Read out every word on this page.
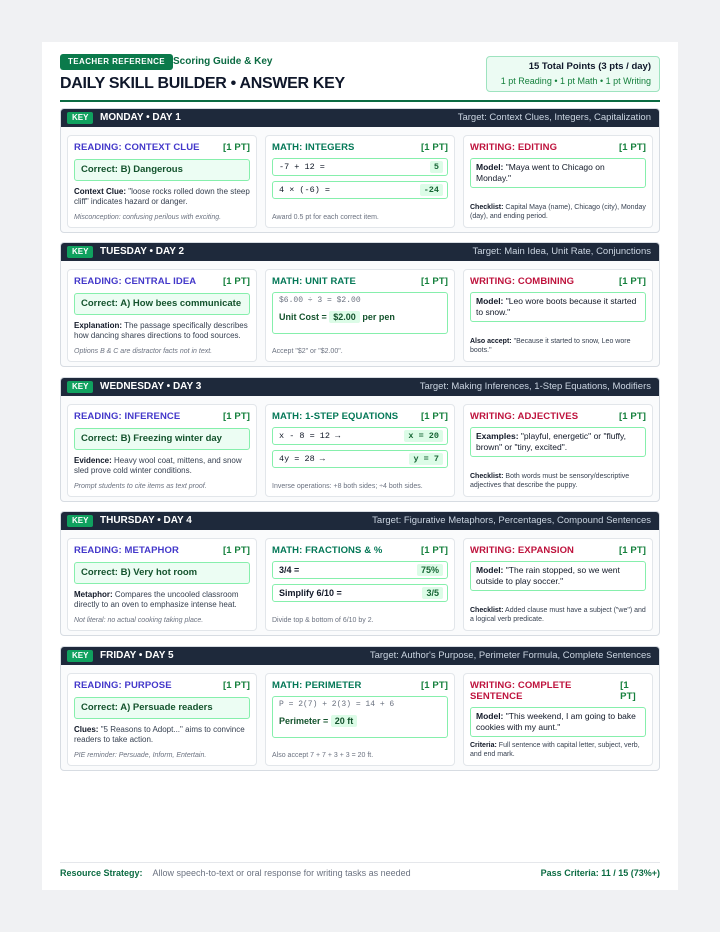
TEACHER REFERENCE Scoring Guide & Key
DAILY SKILL BUILDER • ANSWER KEY
15 Total Points (3 pts / day)
1 pt Reading • 1 pt Math • 1 pt Writing
KEY	MONDAY • DAY 1	Target: Context Clues, Integers, Capitalization
READING: CONTEXT CLUE [1 PT]
Correct: B) Dangerous
Context Clue: "loose rocks rolled down the steep cliff" indicates hazard or danger.
Misconception: confusing perilous with exciting.
MATH: INTEGERS	[1 PT]
-7 + 12 =	5
4 × (-6) =	-24
Award 0.5 pt for each correct item.
WRITING: EDITING	[1 PT]
Model: "Maya went to Chicago on Monday."
Checklist: Capital Maya (name), Chicago (city), Monday (day), and ending period.
KEY	TUESDAY • DAY 2	Target: Main Idea, Unit Rate, Conjunctions
READING: CENTRAL IDEA	[1 PT]
Correct: A) How bees communicate
Explanation: The passage specifically describes how dancing shares directions to food sources.
Options B & C are distractor facts not in text.
MATH: UNIT RATE	[1 PT]
$6.00 ÷ 3 = $2.00
Unit Cost = $2.00 per pen
Accept "$2" or "$2.00".
WRITING: COMBINING	[1 PT]
Model: "Leo wore boots because it started to snow."
Also accept: "Because it started to snow, Leo wore boots."
KEY	WEDNESDAY • DAY 3	Target: Making Inferences, 1-Step Equations, Modifiers
READING: INFERENCE	[1 PT]
Correct: B) Freezing winter day
Evidence: Heavy wool coat, mittens, and snow sled prove cold winter conditions.
Prompt students to cite items as text proof.
MATH: 1-STEP EQUATIONS [1 PT]
x - 8 = 12 →	x = 20
4y = 28 →	y = 7
Inverse operations: +8 both sides; ÷4 both sides.
WRITING: ADJECTIVES	[1 PT]
Examples: "playful, energetic" or "fluffy, brown" or "tiny, excited".
Checklist: Both words must be sensory/descriptive adjectives that describe the puppy.
KEY	THURSDAY • DAY 4	Target: Figurative Metaphors, Percentages, Compound Sentences
READING: METAPHOR	[1 PT]
Correct: B) Very hot room
Metaphor: Compares the uncooled classroom directly to an oven to emphasize intense heat.
Not literal: no actual cooking taking place.
MATH: FRACTIONS & %	[1 PT]
3/4 =	75%
Simplify 6/10 =	3/5
Divide top & bottom of 6/10 by 2.
WRITING: EXPANSION	[1 PT]
Model: "The rain stopped, so we went outside to play soccer."
Checklist: Added clause must have a subject ("we") and a logical verb predicate.
KEY	FRIDAY • DAY 5	Target: Author's Purpose, Perimeter Formula, Complete Sentences
READING: PURPOSE	[1 PT]
Correct: A) Persuade readers
Clues: "5 Reasons to Adopt..." aims to convince readers to take action.
PIE reminder: Persuade, Inform, Entertain.
MATH: PERIMETER	[1 PT]
P = 2(7) + 2(3) = 14 + 6
Perimeter = 20 ft
Also accept 7 + 7 + 3 + 3 = 20 ft.
WRITING: COMPLETE SENTENCE
[1 PT]
Model: "This weekend, I am going to bake cookies with my aunt."
Criteria: Full sentence with capital letter, subject, verb, and end mark.
Resource Strategy: Allow speech-to-text or oral response for writing tasks as needed	Pass Criteria: 11 / 15 (73%+)
